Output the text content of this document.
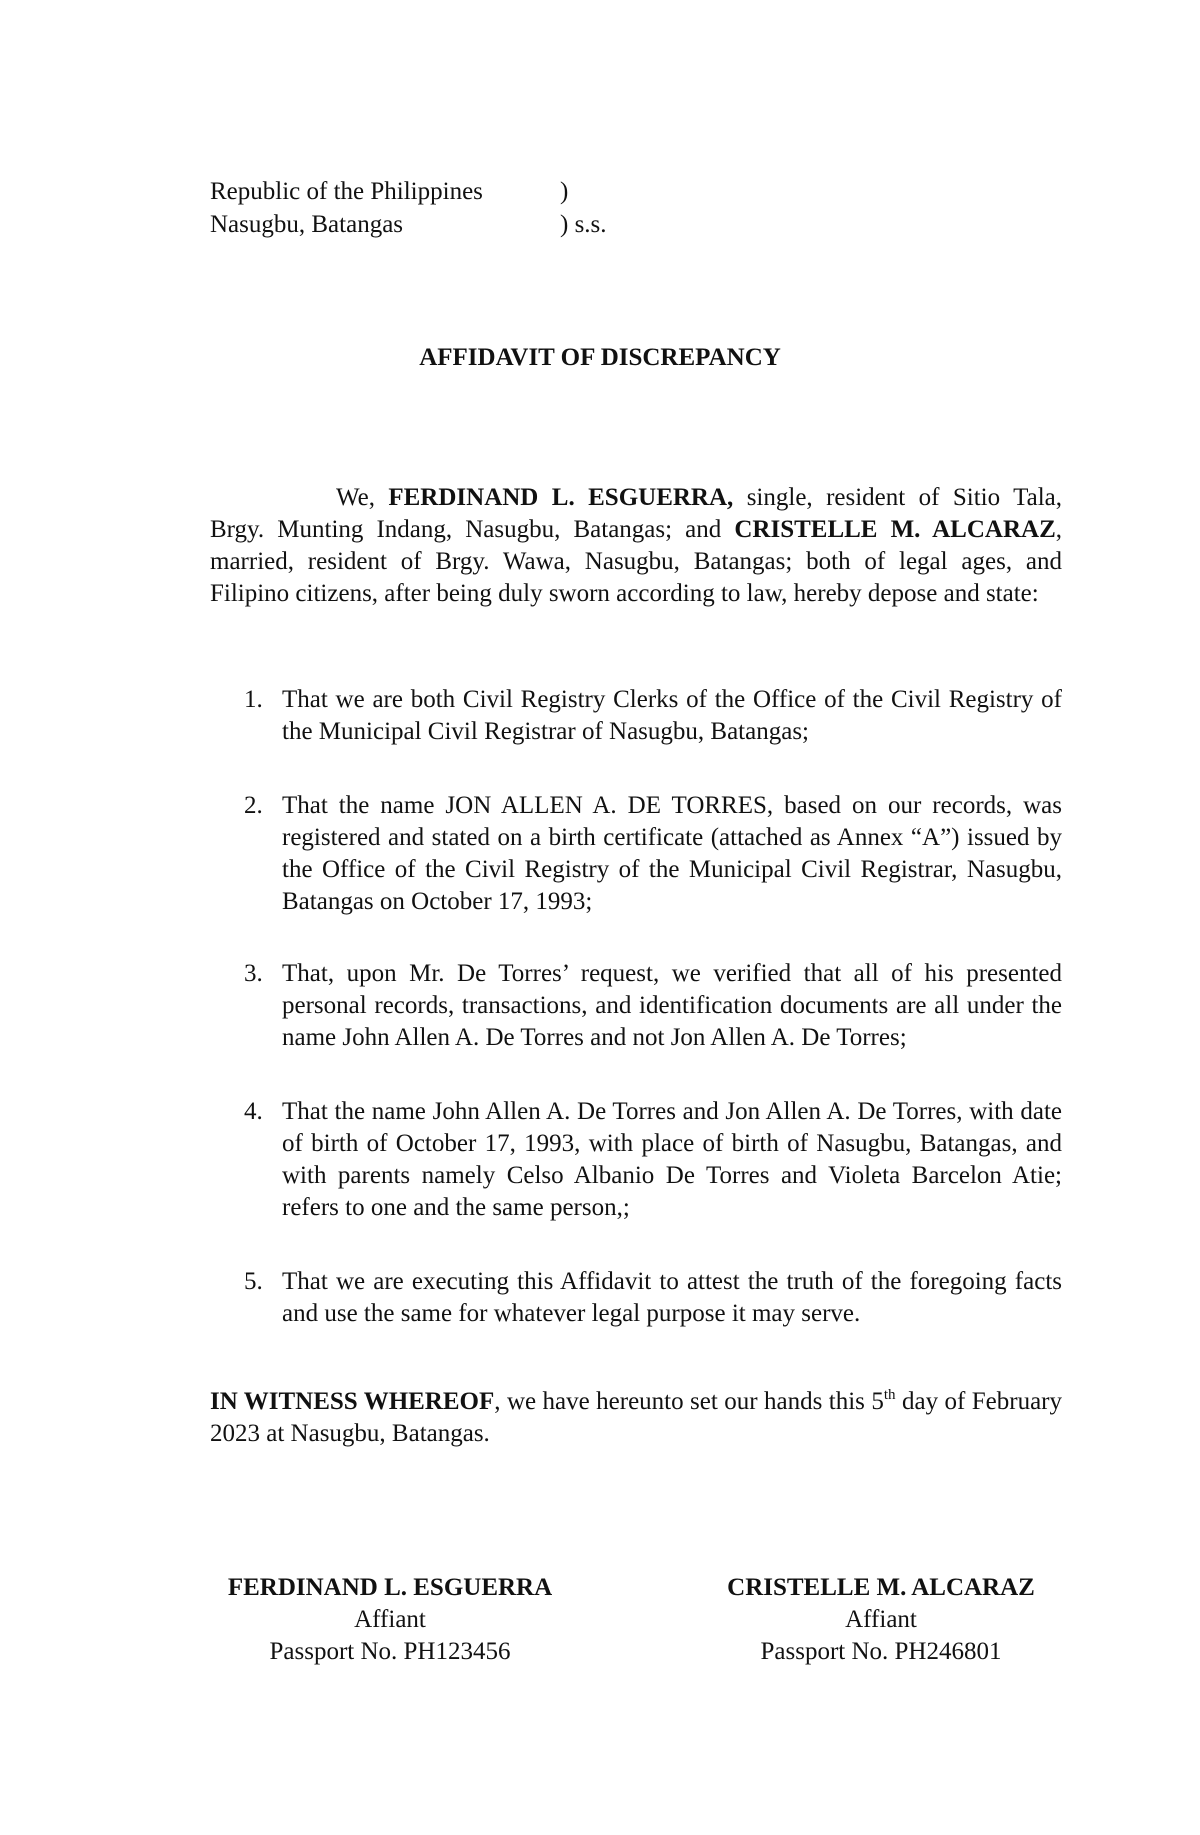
Republic of the Philippines	)
Nasugbu, Batangas	) s.s.
AFFIDAVIT OF DISCREPANCY

We, FERDINAND L. ESGUERRA, single, resident of Sitio Tala, Brgy. Munting Indang, Nasugbu, Batangas; and CRISTELLE M. ALCARAZ, married, resident of Brgy. Wawa, Nasugbu, Batangas; both of legal ages, and Filipino citizens, after being duly sworn according to law, hereby depose and state:

1. That we are both Civil Registry Clerks of the Office of the Civil Registry of the Municipal Civil Registrar of Nasugbu, Batangas;
2. That the name JON ALLEN A. DE TORRES, based on our records, was registered and stated on a birth certificate (attached as Annex “A”) issued by the Office of the Civil Registry of the Municipal Civil Registrar, Nasugbu, Batangas on October 17, 1993;
3. That, upon Mr. De Torres’ request, we verified that all of his presented personal records, transactions, and identification documents are all under the name John Allen A. De Torres and not Jon Allen A. De Torres;
4. That the name John Allen A. De Torres and Jon Allen A. De Torres, with date of birth of October 17, 1993, with place of birth of Nasugbu, Batangas, and with parents namely Celso Albanio De Torres and Violeta Barcelon Atie; refers to one and the same person,;
5. That we are executing this Affidavit to attest the truth of the foregoing facts and use the same for whatever legal purpose it may serve.

IN WITNESS WHEREOF, we have hereunto set our hands this 5th day of February 2023 at Nasugbu, Batangas.

FERDINAND L. ESGUERRA
Affiant
Passport No. PH123456
CRISTELLE M. ALCARAZ
Affiant
Passport No. PH246801
